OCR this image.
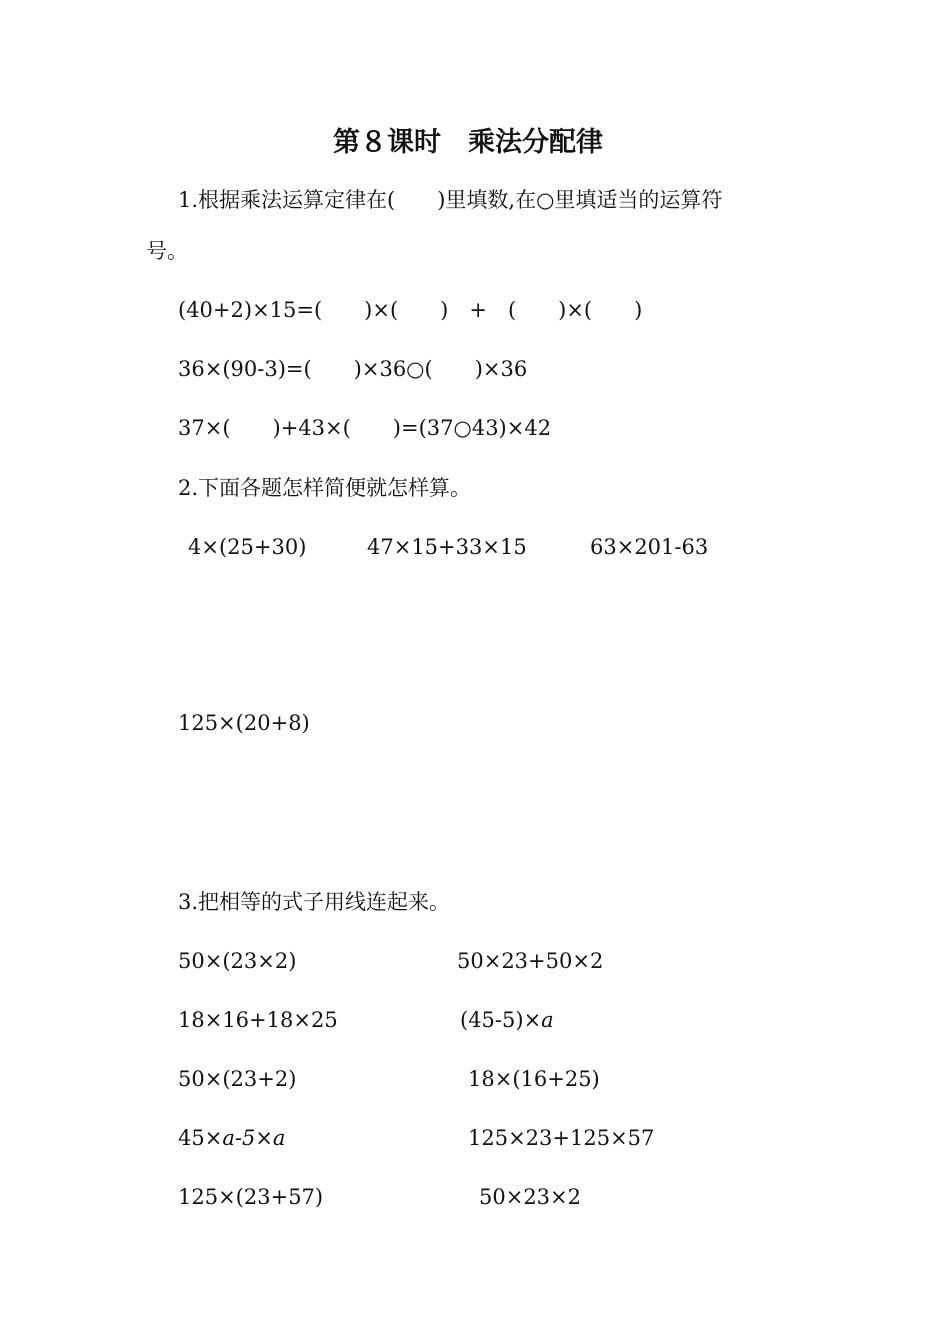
第８课时　乘法分配律
1.根据乘法运算定律在(　　)里填数,在○里填适当的运算符
号。
(40+2)×15=(　　)×(　　)　+　(　　)×(　　)
36×(90-3)=(　　)×36○(　　)×36
37×(　　)+43×(　　)=(37○43)×42
2.下面各题怎样简便就怎样算。
4×(25+30)	47×15+33×15	63×201-63
125×(20+8)
3.把相等的式子用线连起来。
50×(23×2)	50×23+50×2
18×16+18×25	(45-5)×a
50×(23+2)	18×(16+25)
45×a-5×a	125×23+125×57
125×(23+57)	50×23×2
